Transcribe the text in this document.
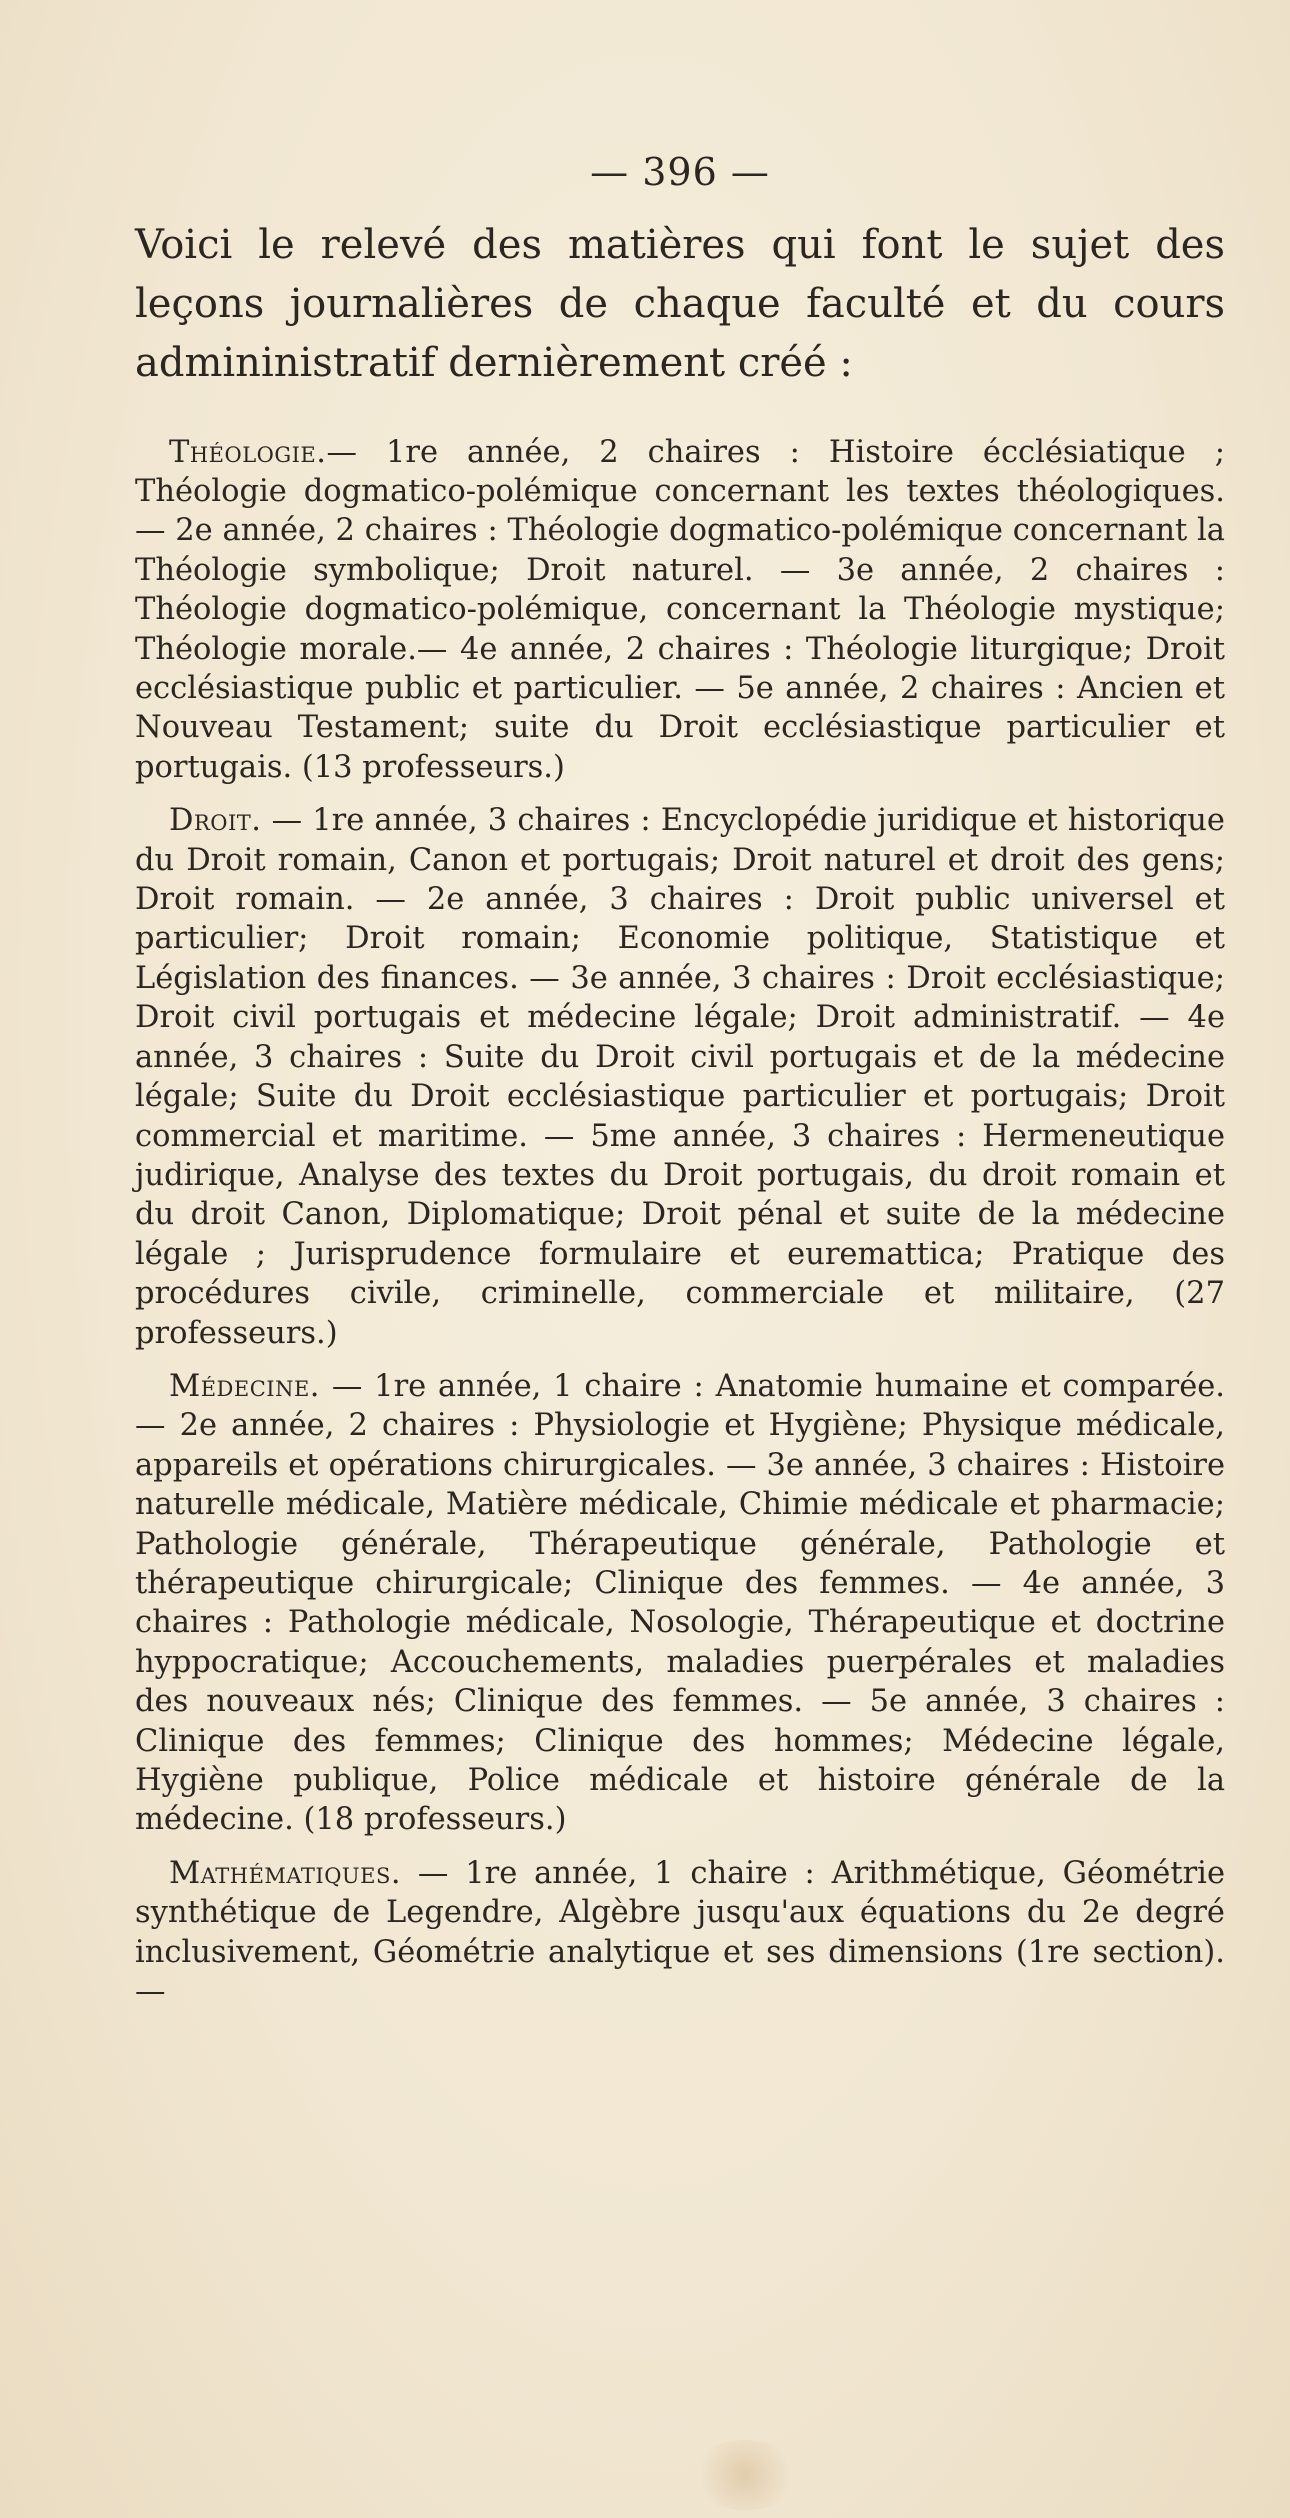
— 396 —

Voici le relevé des matières qui font le sujet des leçons journalières de chaque faculté et du cours admininistratif dernièrement créé :

Théologie.— 1re année, 2 chaires : Histoire écclésiatique ; Théologie dogmatico-polémique concernant les textes théologiques. — 2e année, 2 chaires : Théologie dogmatico-polémique concernant la Théologie symbolique; Droit naturel. — 3e année, 2 chaires : Théologie dogmatico-polémique, concernant la Théologie mystique; Théologie morale.— 4e année, 2 chaires : Théologie liturgique; Droit ecclésiastique public et particulier. — 5e année, 2 chaires : Ancien et Nouveau Testament; suite du Droit ecclésiastique particulier et portugais. (13 professeurs.)

Droit. — 1re année, 3 chaires : Encyclopédie juridique et historique du Droit romain, Canon et portugais; Droit naturel et droit des gens; Droit romain. — 2e année, 3 chaires : Droit public universel et particulier; Droit romain; Economie politique, Statistique et Législation des finances. — 3e année, 3 chaires : Droit ecclésiastique; Droit civil portugais et médecine légale; Droit administratif. — 4e année, 3 chaires : Suite du Droit civil portugais et de la médecine légale; Suite du Droit ecclésiastique particulier et portugais; Droit commercial et maritime. — 5me année, 3 chaires : Hermeneutique judirique, Analyse des textes du Droit portugais, du droit romain et du droit Canon, Diplomatique; Droit pénal et suite de la médecine légale ; Jurisprudence formulaire et euremattica; Pratique des procédures civile, criminelle, commerciale et militaire, (27 professeurs.)

Médecine. — 1re année, 1 chaire : Anatomie humaine et comparée. — 2e année, 2 chaires : Physiologie et Hygiène; Physique médicale, appareils et opérations chirurgicales. — 3e année, 3 chaires : Histoire naturelle médicale, Matière médicale, Chimie médicale et pharmacie; Pathologie générale, Thérapeutique générale, Pathologie et thérapeutique chirurgicale; Clinique des femmes. — 4e année, 3 chaires : Pathologie médicale, Nosologie, Thérapeutique et doctrine hyppocratique; Accouchements, maladies puerpérales et maladies des nouveaux nés; Clinique des femmes. — 5e année, 3 chaires : Clinique des femmes; Clinique des hommes; Médecine légale, Hygiène publique, Police médicale et histoire générale de la médecine. (18 professeurs.)

Mathématiques. — 1re année, 1 chaire : Arithmétique, Géométrie synthétique de Legendre, Algèbre jusqu'aux équations du 2e degré inclusivement, Géométrie analytique et ses dimensions (1re section). —
